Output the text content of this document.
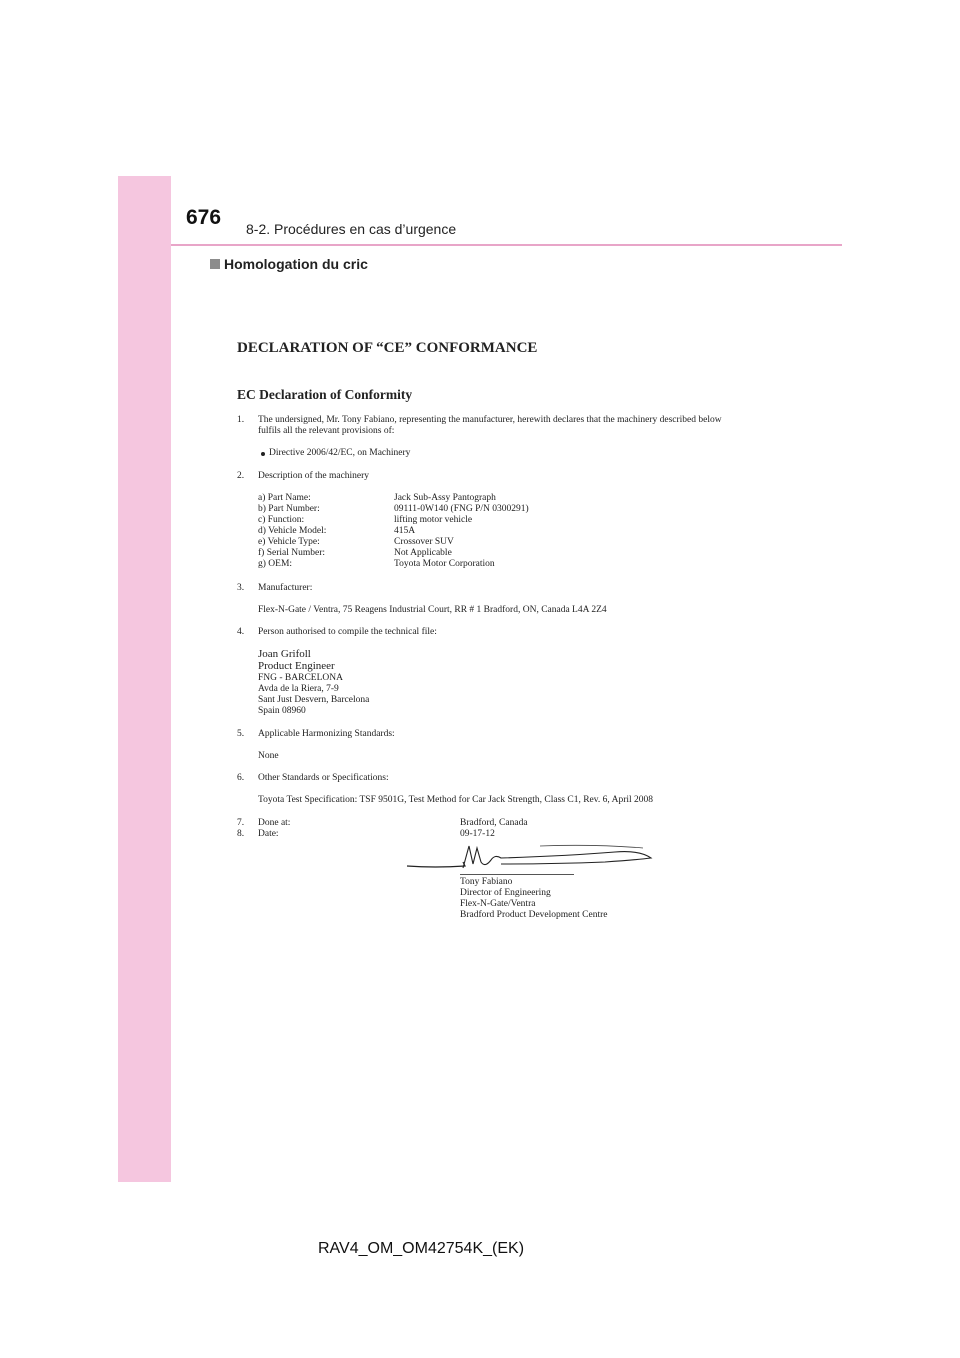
676 8-2. Procédures en cas d’urgence
Homologation du cric
DECLARATION OF “CE” CONFORMANCE
EC Declaration of Conformity
1. The undersigned, Mr. Tony Fabiano, representing the manufacturer, herewith declares that the machinery described below
fulfils all the relevant provisions of:
Directive 2006/42/EC, on Machinery
2. Description of the machinery
a) Part Name:	Jack Sub-Assy Pantograph
b) Part Number:	09111-0W140 (FNG P/N 0300291)
c) Function:	lifting motor vehicle
d) Vehicle Model:	415A
e) Vehicle Type:	Crossover SUV
f) Serial Number:	Not Applicable
g) OEM:	Toyota Motor Corporation
3. Manufacturer:
Flex-N-Gate / Ventra, 75 Reagens Industrial Court, RR # 1 Bradford, ON, Canada L4A 2Z4
4. Person authorised to compile the technical file:
Joan Grifoll
Product Engineer
FNG - BARCELONA
Avda de la Riera, 7-9
Sant Just Desvern, Barcelona
Spain 08960
5. Applicable Harmonizing Standards:
None
6. Other Standards or Specifications:
Toyota Test Specification: TSF 9501G, Test Method for Car Jack Strength, Class C1, Rev. 6, April 2008
7. Done at:	Bradford, Canada
8. Date:	09-17-12
Tony Fabiano
Director of Engineering
Flex-N-Gate/Ventra
Bradford Product Development Centre
RAV4_OM_OM42754K_(EK)
